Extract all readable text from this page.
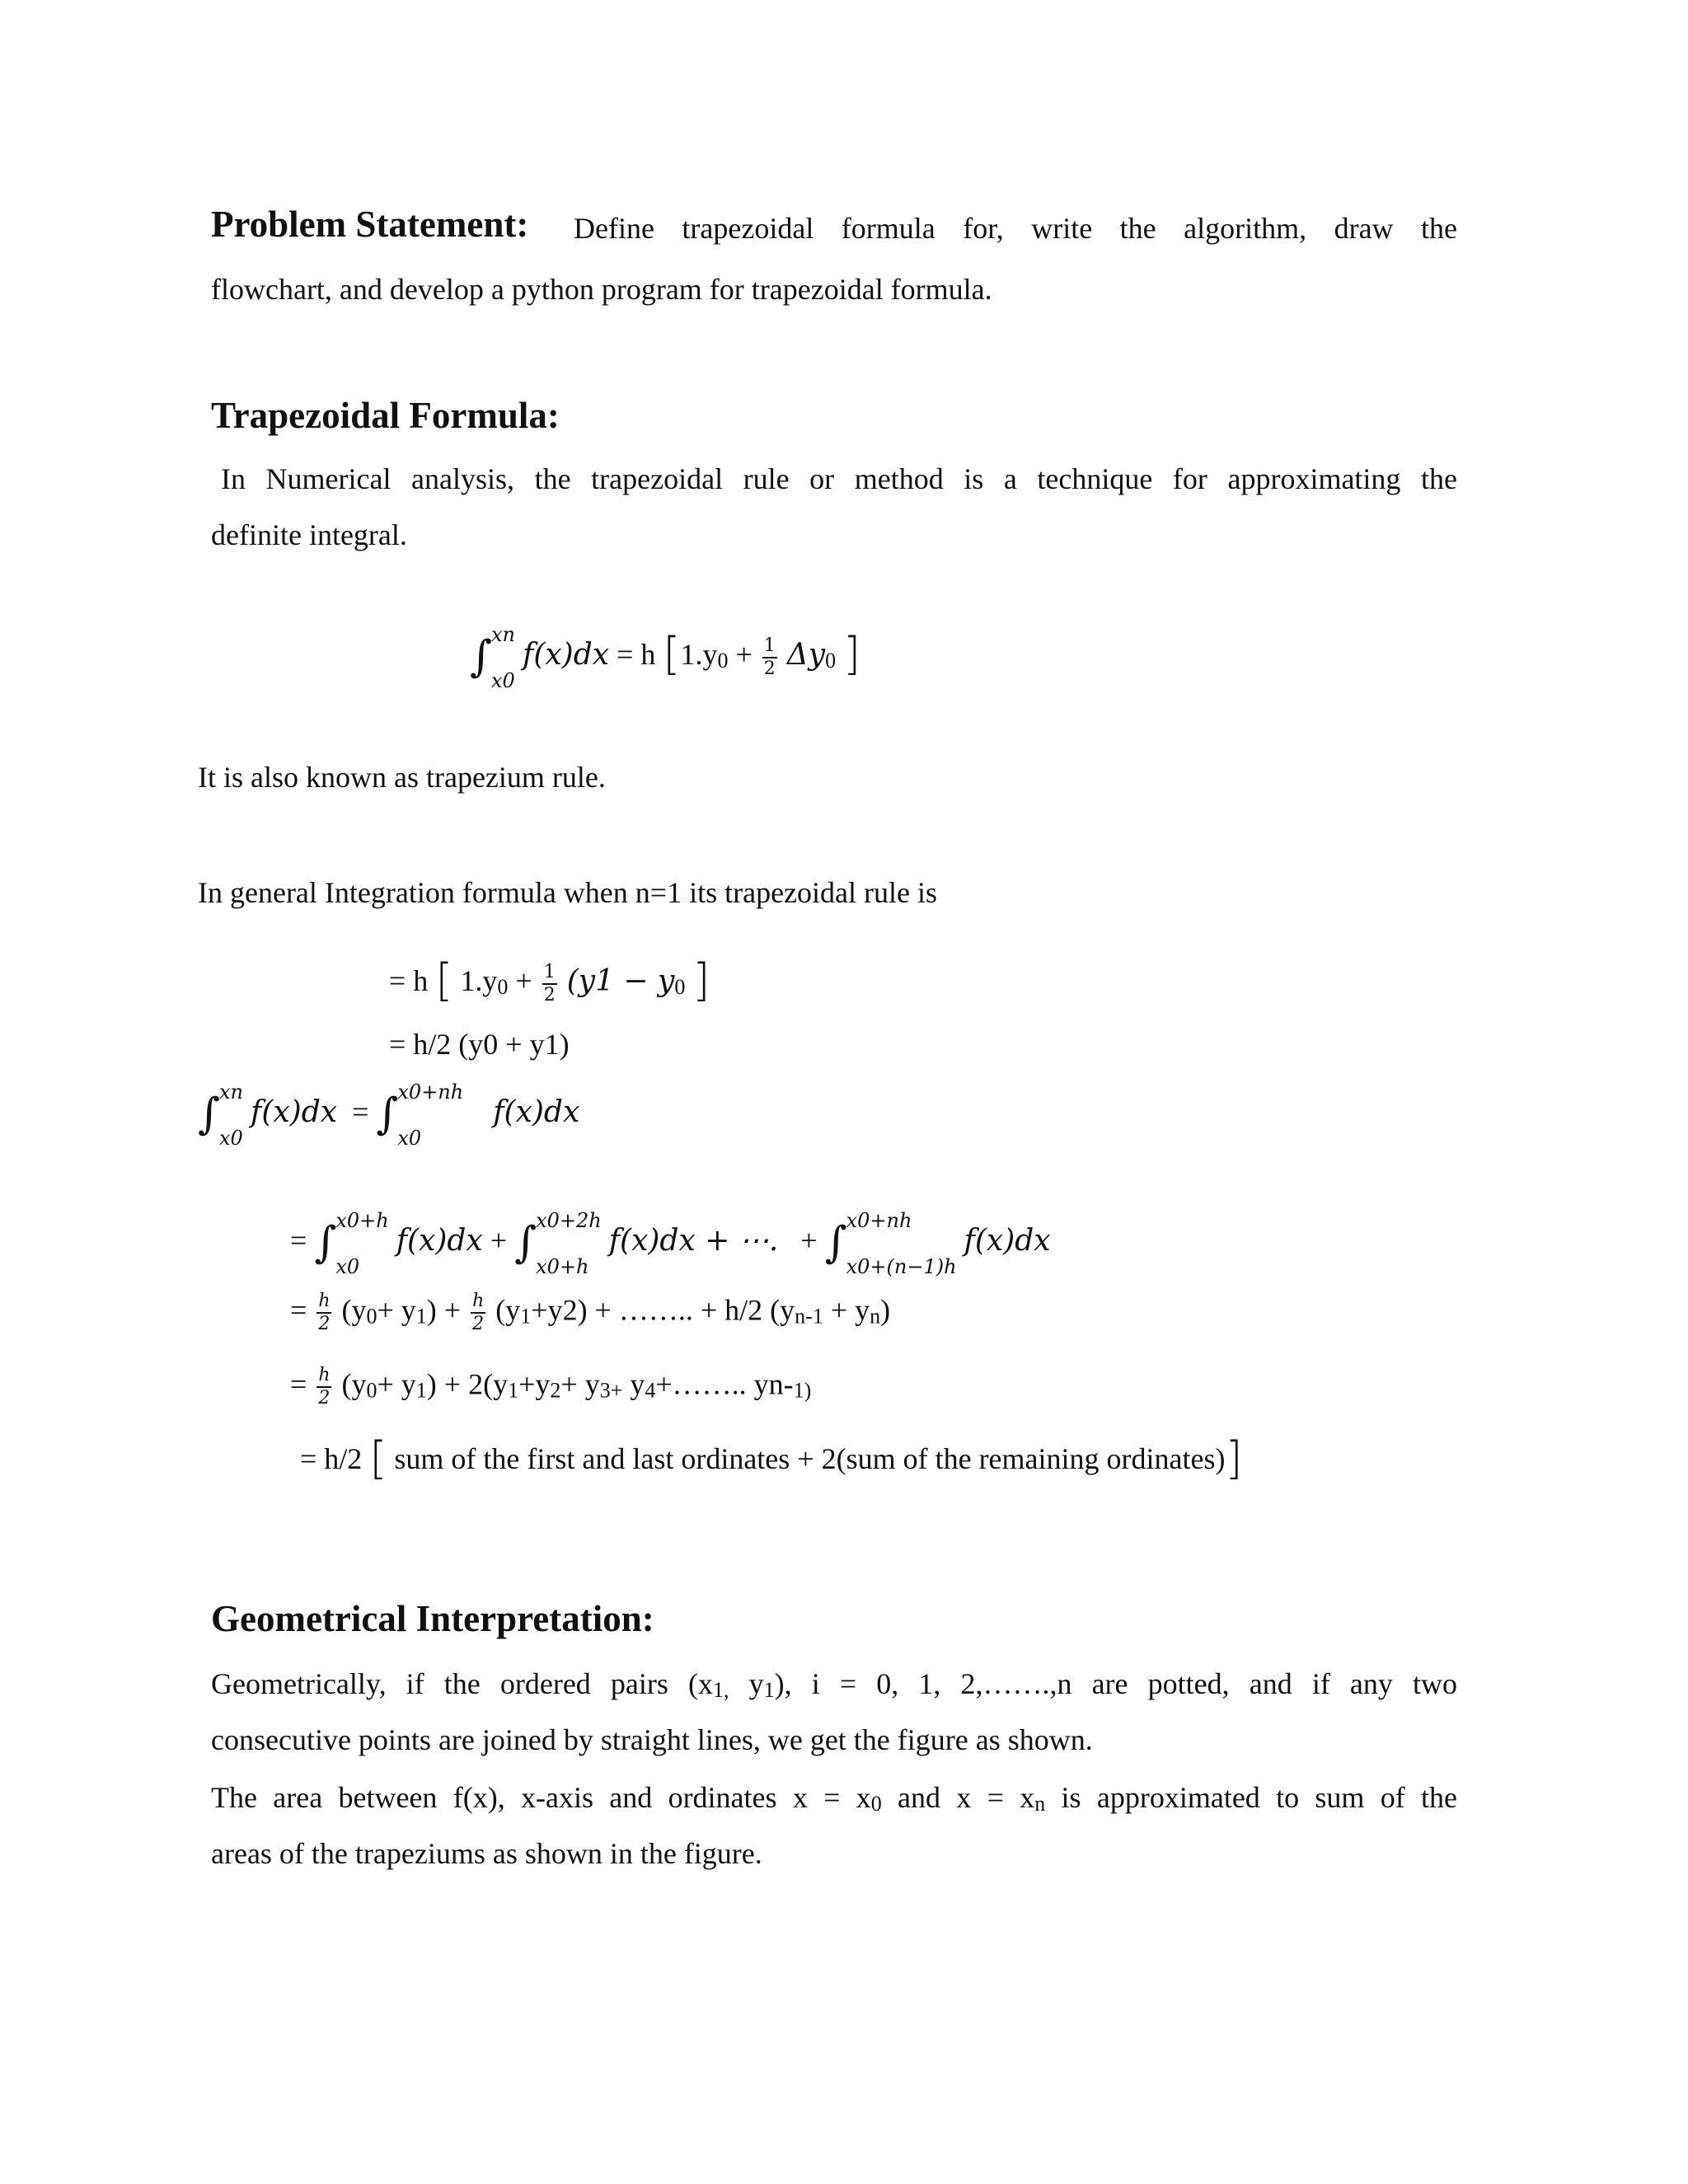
Problem Statement: Define trapezoidal formula for, write the algorithm, draw the
flowchart, and develop a python program for trapezoidal formula.
Trapezoidal Formula:
In Numerical analysis, the trapezoidal rule or method is a technique for approximating the
definite integral.
∫
xn
x0
f(x)dx = h [$1.y_0 + \frac{1}{2} \Delta y_0$ ]
It is also known as trapezium rule.
In general Integration formula when n=1 its trapezoidal rule is
= h [ $1.y_0 + \frac{1}{2} (y1 - y_0$ ]
= h/2 (y0 + y1)
∫
xn
x0
f(x)dx = ∫
x0+nh
x0
f(x)dx
= ∫
x0+h
x0
f(x)dx + ∫
x0+2h
x0+h
f(x)dx + ⋯. + ∫
x0+nh
x0+(n−1)h
f(x)dx
= $\frac{h}{2} (y_0+ y_1) + \frac{h}{2} (y_1+y2)$ + …….. + h/2 $(y_{n-1} + y_n)$
= $\frac{h}{2} (y_0+ y_1) + 2(y_1+y_2+ y_{3+}$ $y_4+\dots\dots$.. $yn-_{1)}$
= h/2 [ sum of the first and last ordinates + 2(sum of the remaining ordinates)]
Geometrical Interpretation:
Geometrically, if the ordered pairs ($x_{1,}$ $y_1$), i = 0, 1, 2,…….,n are potted, and if any two
consecutive points are joined by straight lines, we get the figure as shown.
The area between f(x), x-axis and ordinates $x = x_0$ and $x = x_n$ is approximated to sum of the
areas of the trapeziums as shown in the figure.
